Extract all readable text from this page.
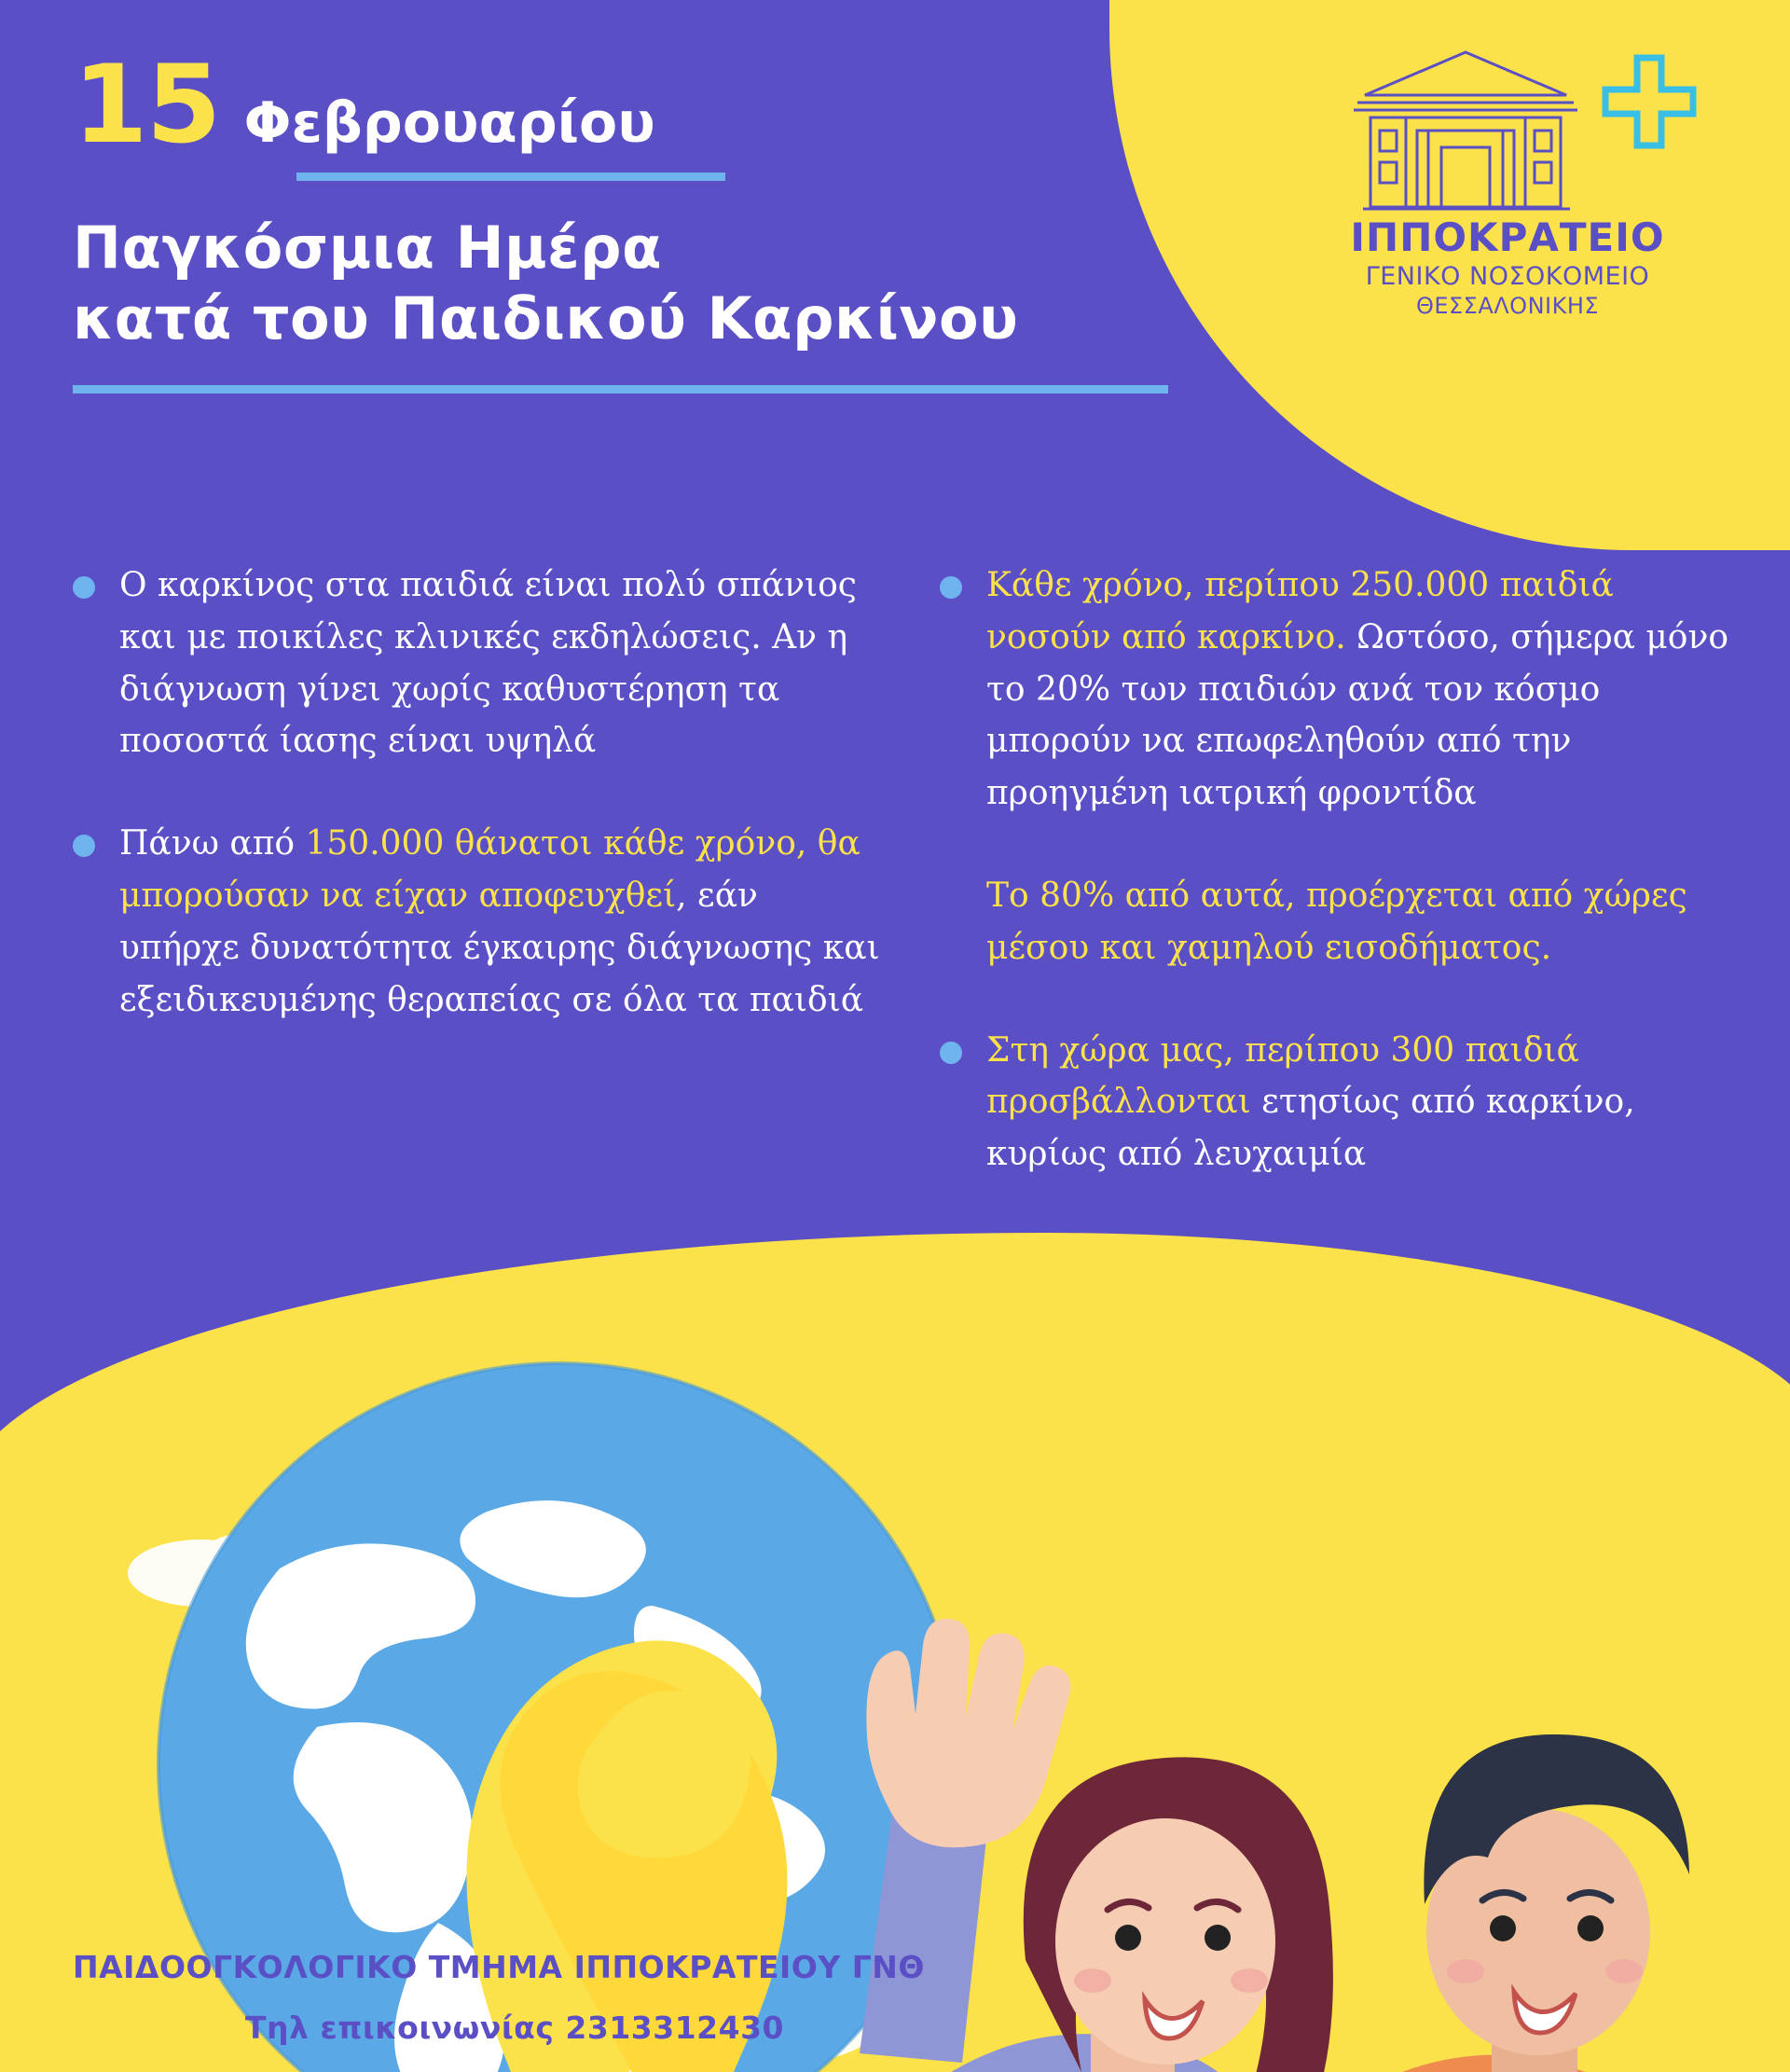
15 Φεβρουαρίου
Παγκόσμια Ημέρα
κατά του Παιδικού Καρκίνου
ΙΠΠΟΚΡΑΤΕΙΟ
ΓΕΝΙΚΟ ΝΟΣΟΚΟΜΕΙΟ
ΘΕΣΣΑΛΟΝΙΚΗΣ
Ο καρκίνος στα παιδιά είναι πολύ σπάνιος και με ποικίλες κλινικές εκδηλώσεις. Αν η διάγνωση γίνει χωρίς καθυστέρηση τα ποσοστά ίασης είναι υψηλά
Πάνω από 150.000 θάνατοι κάθε χρόνο, θα μπορούσαν να είχαν αποφευχθεί, εάν υπήρχε δυνατότητα έγκαιρης διάγνωσης και εξειδικευμένης θεραπείας σε όλα τα παιδιά
Κάθε χρόνο, περίπου 250.000 παιδιά νοσούν από καρκίνο. Ωστόσο, σήμερα μόνο το 20% των παιδιών ανά τον κόσμο μπορούν να επωφεληθούν από την προηγμένη ιατρική φροντίδα
Το 80% από αυτά, προέρχεται από χώρες μέσου και χαμηλού εισοδήματος.
Στη χώρα μας, περίπου 300 παιδιά προσβάλλονται ετησίως από καρκίνο, κυρίως από λευχαιμία
ΠΑΙΔΟΟΓΚΟΛΟΓΙΚΟ ΤΜΗΜΑ ΙΠΠΟΚΡΑΤΕΙΟΥ ΓΝΘ
Τηλ επικοινωνίας 2313312430
